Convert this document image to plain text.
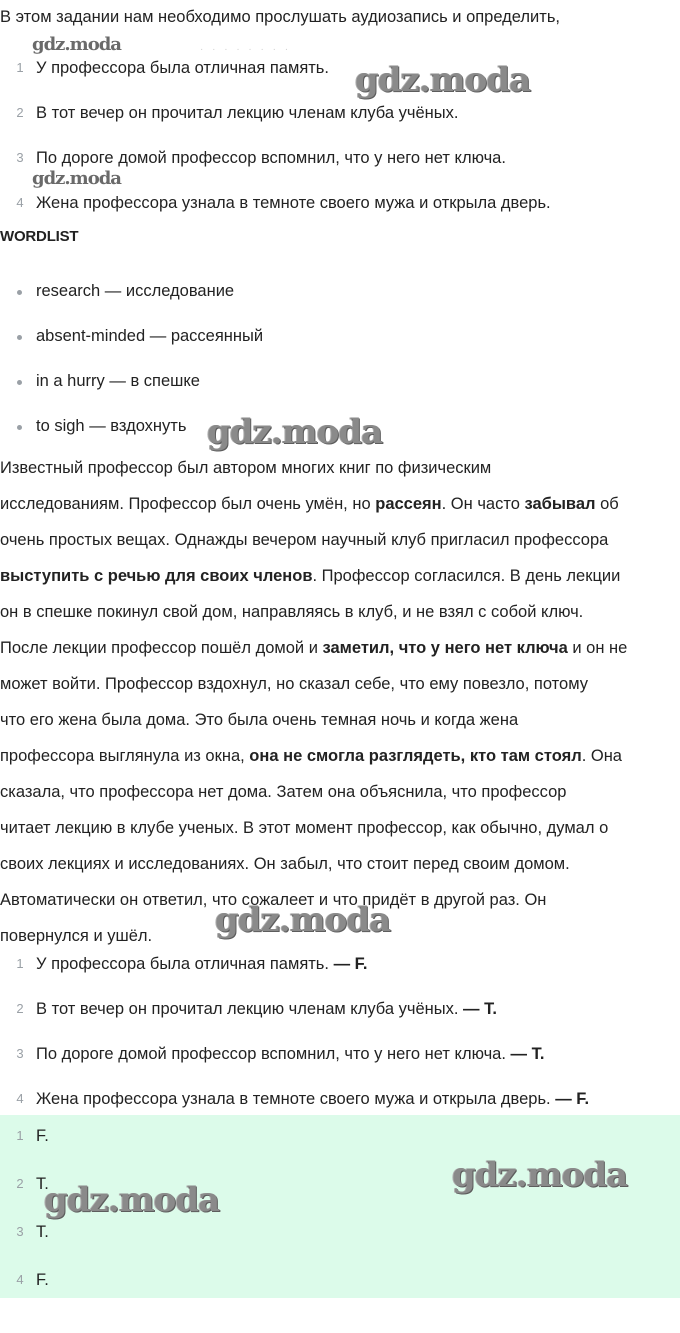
В этом задании нам необходимо прослушать аудиозапись и определить,
· · · · · · · ·
1 У профессора была отличная память.
2 В тот вечер он прочитал лекцию членам клуба учёных.
3 По дороге домой профессор вспомнил, что у него нет ключа.
4 Жена профессора узнала в темноте своего мужа и открыла дверь.
WORDLIST
research — исследование
absent-minded — рассеянный
in a hurry — в спешке
to sigh — вздохнуть
Известный профессор был автором многих книг по физическим
исследованиям. Профессор был очень умён, но рассеян. Он часто забывал об
очень простых вещах. Однажды вечером научный клуб пригласил профессора
выступить с речью для своих членов. Профессор согласился. В день лекции
он в спешке покинул свой дом, направляясь в клуб, и не взял с собой ключ.
После лекции профессор пошёл домой и заметил, что у него нет ключа и он не
может войти. Профессор вздохнул, но сказал себе, что ему повезло, потому
что его жена была дома. Это была очень темная ночь и когда жена
профессора выглянула из окна, она не смогла разглядеть, кто там стоял. Она
сказала, что профессора нет дома. Затем она объяснила, что профессор
читает лекцию в клубе ученых. В этот момент профессор, как обычно, думал о
своих лекциях и исследованиях. Он забыл, что стоит перед своим домом.
Автоматически он ответил, что сожалеет и что придёт в другой раз. Он
повернулся и ушёл.
1 У профессора была отличная память. — F.
2 В тот вечер он прочитал лекцию членам клуба учёных. — T.
3 По дороге домой профессор вспомнил, что у него нет ключа. — T.
4 Жена профессора узнала в темноте своего мужа и открыла дверь. — F.
1 F.
2 T.
3 T.
4 F.
gdz.moda
gdz.moda
gdz.moda
gdz.moda
gdz.moda
gdz.moda
gdz.moda
